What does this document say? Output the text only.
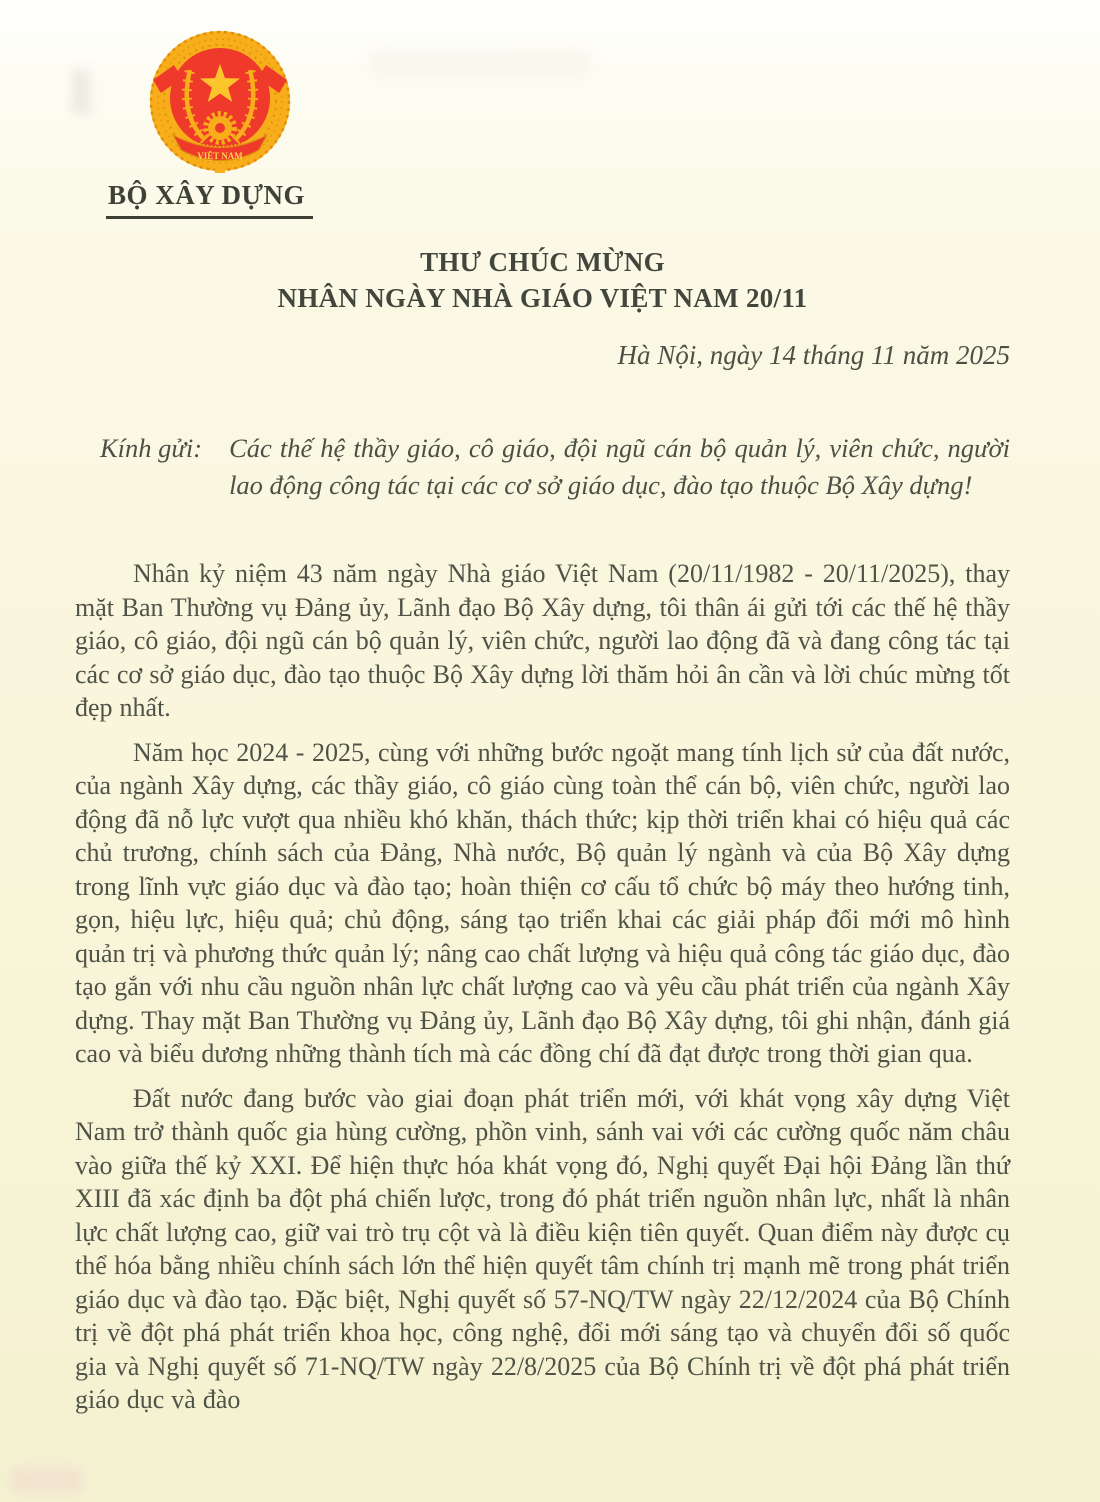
VIỆT NAM
BỘ XÂY DỰNG
THƯ CHÚC MỪNG
NHÂN NGÀY NHÀ GIÁO VIỆT NAM 20/11
Hà Nội, ngày 14 tháng 11 năm 2025
Kính gửi: Các thế hệ thầy giáo, cô giáo, đội ngũ cán bộ quản lý, viên chức, người lao động công tác tại các cơ sở giáo dục, đào tạo thuộc Bộ Xây dựng!

Nhân kỷ niệm 43 năm ngày Nhà giáo Việt Nam (20/11/1982 - 20/11/2025), thay mặt Ban Thường vụ Đảng ủy, Lãnh đạo Bộ Xây dựng, tôi thân ái gửi tới các thế hệ thầy giáo, cô giáo, đội ngũ cán bộ quản lý, viên chức, người lao động đã và đang công tác tại các cơ sở giáo dục, đào tạo thuộc Bộ Xây dựng lời thăm hỏi ân cần và lời chúc mừng tốt đẹp nhất.

Năm học 2024 - 2025, cùng với những bước ngoặt mang tính lịch sử của đất nước, của ngành Xây dựng, các thầy giáo, cô giáo cùng toàn thể cán bộ, viên chức, người lao động đã nỗ lực vượt qua nhiều khó khăn, thách thức; kịp thời triển khai có hiệu quả các chủ trương, chính sách của Đảng, Nhà nước, Bộ quản lý ngành và của Bộ Xây dựng trong lĩnh vực giáo dục và đào tạo; hoàn thiện cơ cấu tổ chức bộ máy theo hướng tinh, gọn, hiệu lực, hiệu quả; chủ động, sáng tạo triển khai các giải pháp đổi mới mô hình quản trị và phương thức quản lý; nâng cao chất lượng và hiệu quả công tác giáo dục, đào tạo gắn với nhu cầu nguồn nhân lực chất lượng cao và yêu cầu phát triển của ngành Xây dựng. Thay mặt Ban Thường vụ Đảng ủy, Lãnh đạo Bộ Xây dựng, tôi ghi nhận, đánh giá cao và biểu dương những thành tích mà các đồng chí đã đạt được trong thời gian qua.

Đất nước đang bước vào giai đoạn phát triển mới, với khát vọng xây dựng Việt Nam trở thành quốc gia hùng cường, phồn vinh, sánh vai với các cường quốc năm châu vào giữa thế kỷ XXI. Để hiện thực hóa khát vọng đó, Nghị quyết Đại hội Đảng lần thứ XIII đã xác định ba đột phá chiến lược, trong đó phát triển nguồn nhân lực, nhất là nhân lực chất lượng cao, giữ vai trò trụ cột và là điều kiện tiên quyết. Quan điểm này được cụ thể hóa bằng nhiều chính sách lớn thể hiện quyết tâm chính trị mạnh mẽ trong phát triển giáo dục và đào tạo. Đặc biệt, Nghị quyết số 57-NQ/TW ngày 22/12/2024 của Bộ Chính trị về đột phá phát triển khoa học, công nghệ, đổi mới sáng tạo và chuyển đổi số quốc gia và Nghị quyết số 71-NQ/TW ngày 22/8/2025 của Bộ Chính trị về đột phá phát triển giáo dục và đào
